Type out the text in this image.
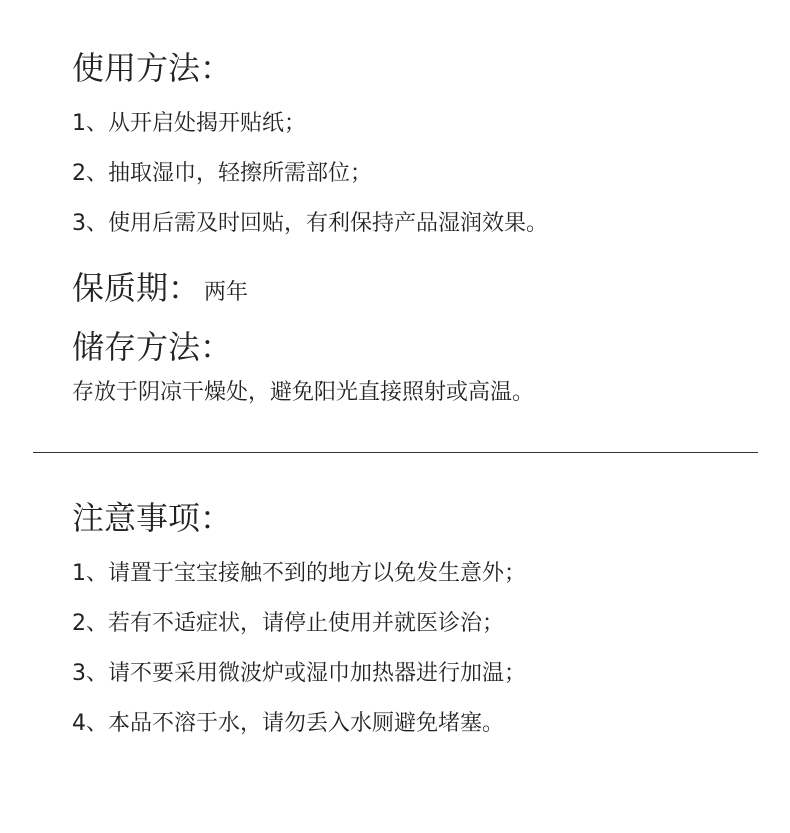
使用方法：

1、从开启处揭开贴纸；

2、抽取湿巾，轻擦所需部位；

3、使用后需及时回贴，有利保持产品湿润效果。

保质期： 两年
储存方法：

存放于阴凉干燥处，避免阳光直接照射或高温。

注意事项：

1、请置于宝宝接触不到的地方以免发生意外；

2、若有不适症状，请停止使用并就医诊治；

3、请不要采用微波炉或湿巾加热器进行加温；

4、本品不溶于水，请勿丢入水厕避免堵塞。
